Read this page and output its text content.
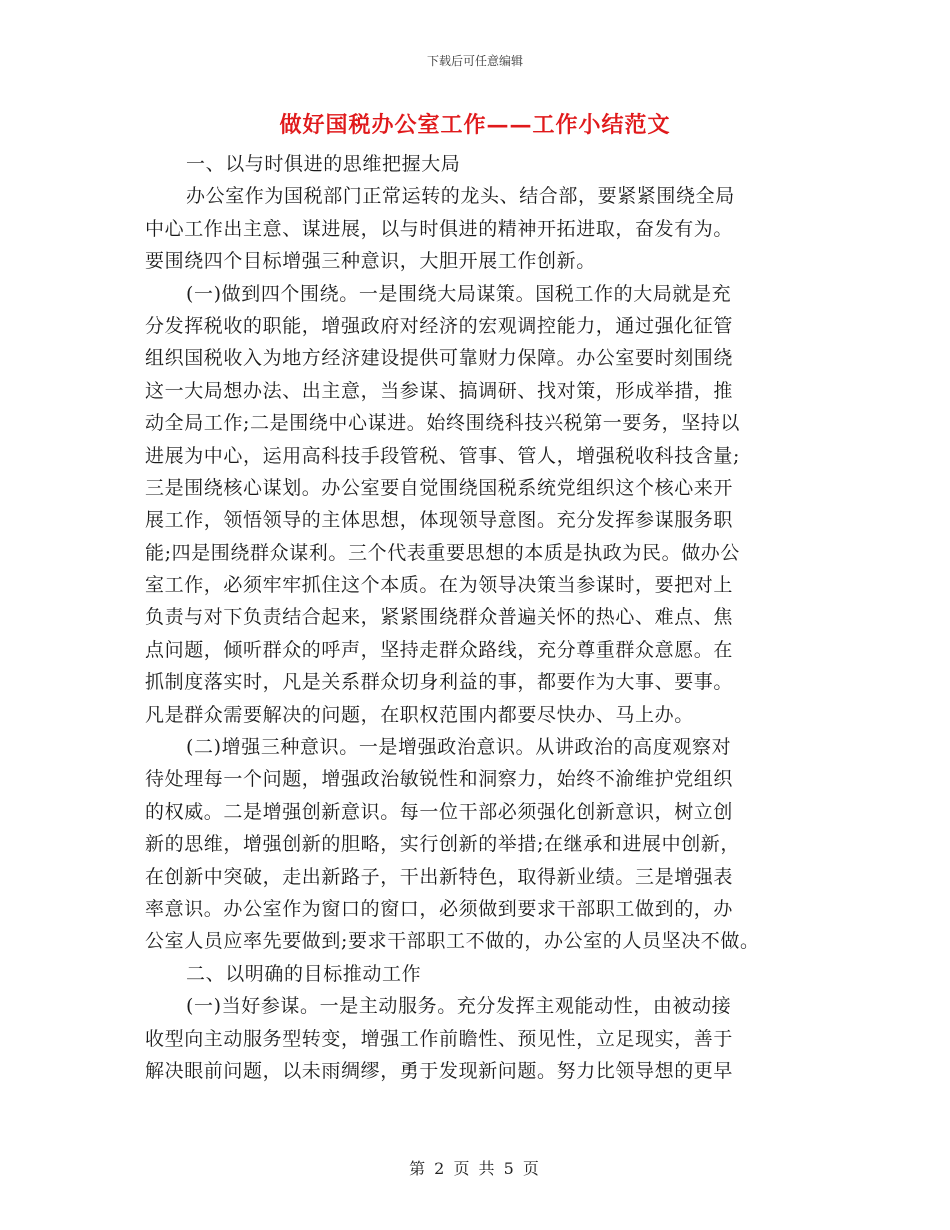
下载后可任意编辑
做好国税办公室工作——工作小结范文
一、以与时俱进的思维把握大局
办公室作为国税部门正常运转的龙头、结合部，要紧紧围绕全局
中心工作出主意、谋进展，以与时俱进的精神开拓进取，奋发有为。
要围绕四个目标增强三种意识，大胆开展工作创新。
(一)做到四个围绕。一是围绕大局谋策。国税工作的大局就是充
分发挥税收的职能，增强政府对经济的宏观调控能力，通过强化征管
组织国税收入为地方经济建设提供可靠财力保障。办公室要时刻围绕
这一大局想办法、出主意，当参谋、搞调研、找对策，形成举措，推
动全局工作;二是围绕中心谋进。始终围绕科技兴税第一要务，坚持以
进展为中心，运用高科技手段管税、管事、管人，增强税收科技含量;
三是围绕核心谋划。办公室要自觉围绕国税系统党组织这个核心来开
展工作，领悟领导的主体思想，体现领导意图。充分发挥参谋服务职
能;四是围绕群众谋利。三个代表重要思想的本质是执政为民。做办公
室工作，必须牢牢抓住这个本质。在为领导决策当参谋时，要把对上
负责与对下负责结合起来，紧紧围绕群众普遍关怀的热心、难点、焦
点问题，倾听群众的呼声，坚持走群众路线，充分尊重群众意愿。在
抓制度落实时，凡是关系群众切身利益的事，都要作为大事、要事。
凡是群众需要解决的问题，在职权范围内都要尽快办、马上办。
(二)增强三种意识。一是增强政治意识。从讲政治的高度观察对
待处理每一个问题，增强政治敏锐性和洞察力，始终不渝维护党组织
的权威。二是增强创新意识。每一位干部必须强化创新意识，树立创
新的思维，增强创新的胆略，实行创新的举措;在继承和进展中创新，
在创新中突破，走出新路子，干出新特色，取得新业绩。三是增强表
率意识。办公室作为窗口的窗口，必须做到要求干部职工做到的，办
公室人员应率先要做到;要求干部职工不做的，办公室的人员坚决不做。
二、以明确的目标推动工作
(一)当好参谋。一是主动服务。充分发挥主观能动性，由被动接
收型向主动服务型转变，增强工作前瞻性、预见性，立足现实，善于
解决眼前问题，以未雨绸缪，勇于发现新问题。努力比领导想的更早
第 2 页 共 5 页
